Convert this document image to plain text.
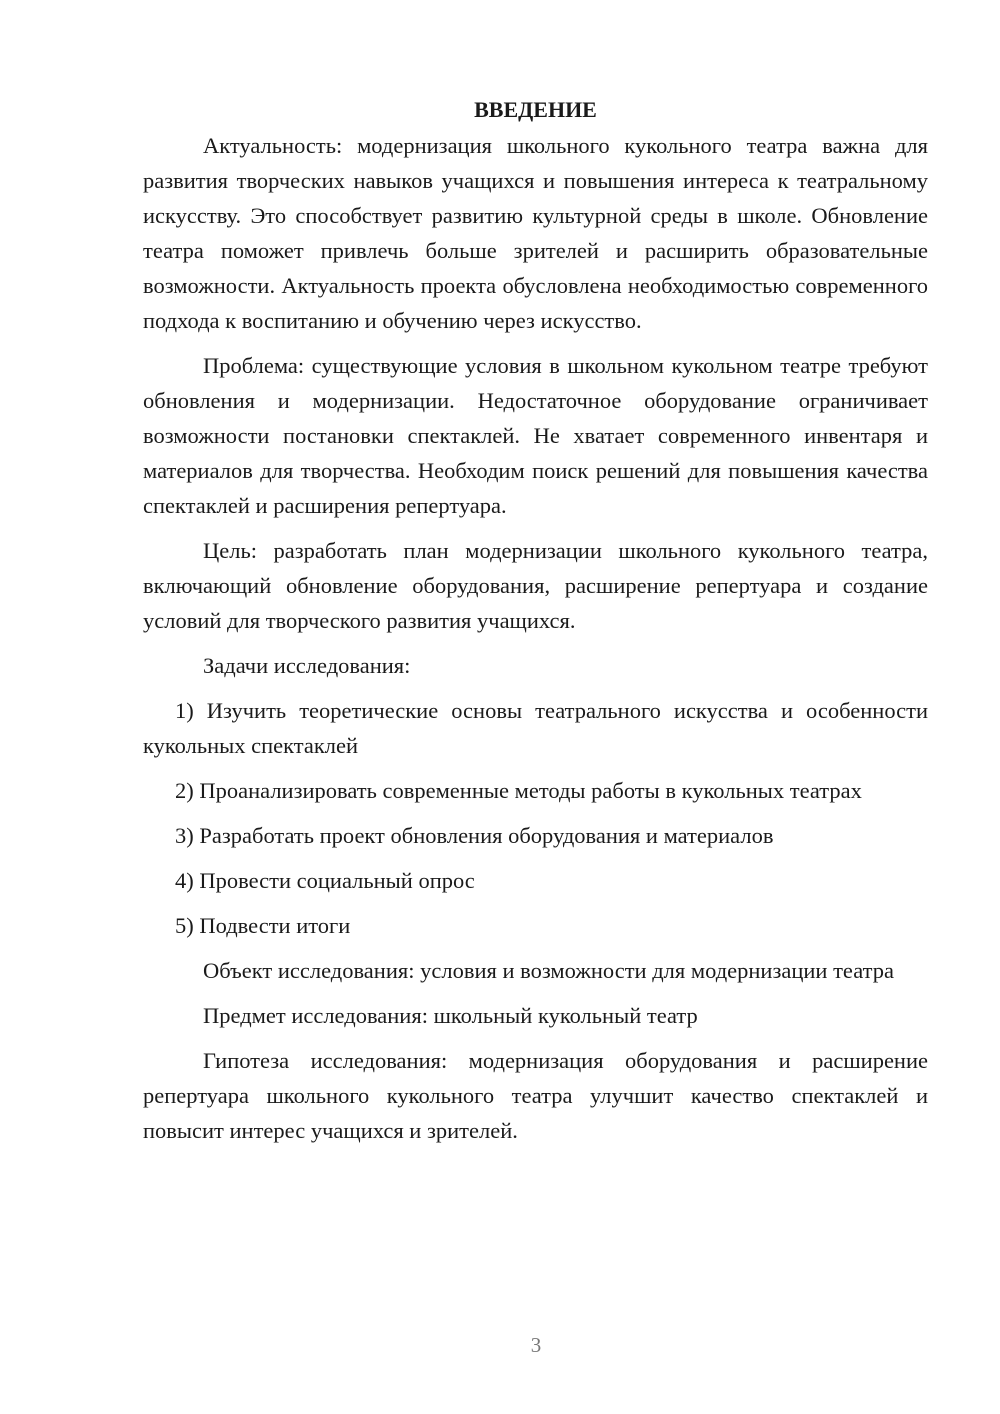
ВВЕДЕНИЕ

Актуальность: модернизация школьного кукольного театра важна для развития творческих навыков учащихся и повышения интереса к театральному искусству. Это способствует развитию культурной среды в школе. Обновление театра поможет привлечь больше зрителей и расширить образовательные возможности. Актуальность проекта обусловлена необходимостью современного подхода к воспитанию и обучению через искусство.

Проблема: существующие условия в школьном кукольном театре требуют обновления и модернизации. Недостаточное оборудование ограничивает возможности постановки спектаклей. Не хватает современного инвентаря и материалов для творчества. Необходим поиск решений для повышения качества спектаклей и расширения репертуара.

Цель: разработать план модернизации школьного кукольного театра, включающий обновление оборудования, расширение репертуара и создание условий для творческого развития учащихся.

Задачи исследования:

1) Изучить теоретические основы театрального искусства и особенности кукольных спектаклей

2) Проанализировать современные методы работы в кукольных театрах

3) Разработать проект обновления оборудования и материалов

4) Провести социальный опрос

5) Подвести итоги

Объект исследования: условия и возможности для модернизации театра

Предмет исследования: школьный кукольный театр

Гипотеза исследования: модернизация оборудования и расширение репертуара школьного кукольного театра улучшит качество спектаклей и повысит интерес учащихся и зрителей.

3
